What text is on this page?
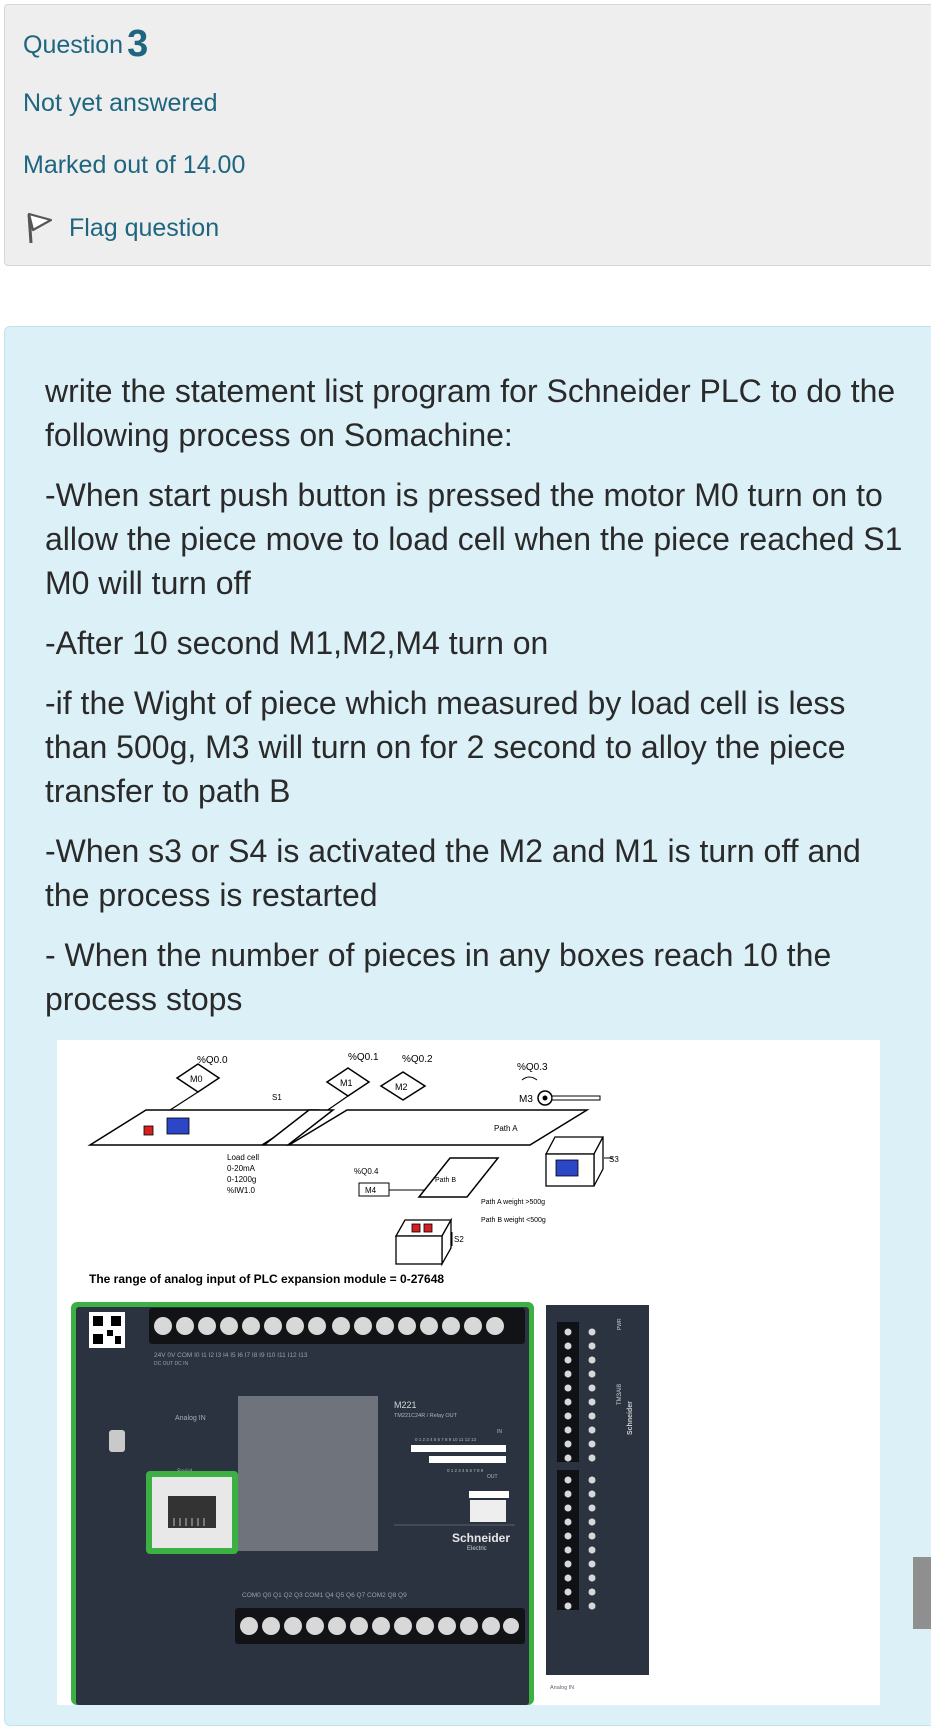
Question 3
Not yet answered
Marked out of 14.00
Flag question
write the statement list program for Schneider PLC to do the following process on Somachine:
-When start push button is pressed the motor M0 turn on to allow the piece move to load cell when the piece reached S1 M0 will turn off
-After 10 second M1,M2,M4 turn on
-if the Wight of piece which measured by load cell is less than 500g, M3 will turn on for 2 second to alloy the piece transfer to path B
-When s3 or S4 is activated the M2 and M1 is turn off and the process is restarted
- When the number of pieces in any boxes reach 10 the process stops
%Q0.0
M0
%Q0.1
M1
%Q0.2
M2
%Q0.3
M3
S1
Path A
Load cell
0-20mA
0-1200g
%IW1.0
%Q0.4
M4
Path B
S3
Path A weight >500g
Path B weight <500g
S2
The range of analog input of PLC expansion module = 0-27648
24V 0V COM I0 I1 I2 I3 I4 I5 I6 I7 I8 I9 I10 I11 I12 I13
DC OUT DC IN
Analog IN
M221
TM221C24R / Relay OUT
IN
0 1 2 3 4 5 6 7 8 9 10 11 12 13
0 1 2 3 4 5 6 7 8 9
OUT
Schneider
Electric
COM0 Q0 Q1 Q2 Q3 COM1 Q4 Q5 Q6 Q7 COM2 Q8 Q9
PWR
TM3AI8
Schneider
Analog IN
